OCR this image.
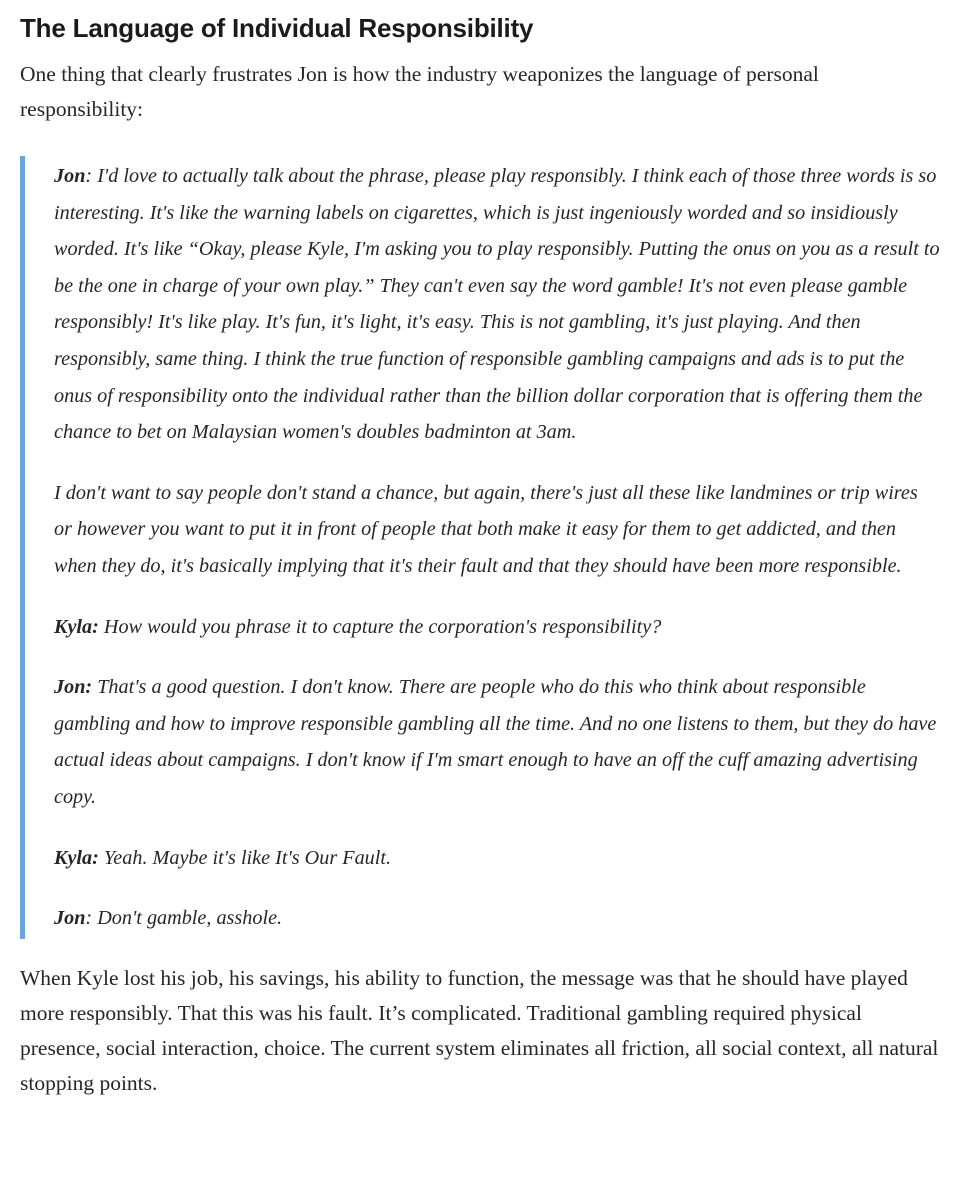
The Language of Individual Responsibility

One thing that clearly frustrates Jon is how the industry weaponizes the language of personal responsibility:

Jon: I'd love to actually talk about the phrase, please play responsibly. I think each of those three words is so interesting. It's like the warning labels on cigarettes, which is just ingeniously worded and so insidiously worded. It's like “Okay, please Kyle, I'm asking you to play responsibly. Putting the onus on you as a result to be the one in charge of your own play.” They can't even say the word gamble! It's not even please gamble responsibly! It's like play. It's fun, it's light, it's easy. This is not gambling, it's just playing. And then responsibly, same thing. I think the true function of responsible gambling campaigns and ads is to put the onus of responsibility onto the individual rather than the billion dollar corporation that is offering them the chance to bet on Malaysian women's doubles badminton at 3am.

I don't want to say people don't stand a chance, but again, there's just all these like landmines or trip wires or however you want to put it in front of people that both make it easy for them to get addicted, and then when they do, it's basically implying that it's their fault and that they should have been more responsible.

Kyla: How would you phrase it to capture the corporation's responsibility?

Jon: That's a good question. I don't know. There are people who do this who think about responsible gambling and how to improve responsible gambling all the time. And no one listens to them, but they do have actual ideas about campaigns. I don't know if I'm smart enough to have an off the cuff amazing advertising copy.

Kyla: Yeah. Maybe it's like It's Our Fault.

Jon: Don't gamble, asshole.

When Kyle lost his job, his savings, his ability to function, the message was that he should have played more responsibly. That this was his fault. It’s complicated. Traditional gambling required physical presence, social interaction, choice. The current system eliminates all friction, all social context, all natural stopping points.
